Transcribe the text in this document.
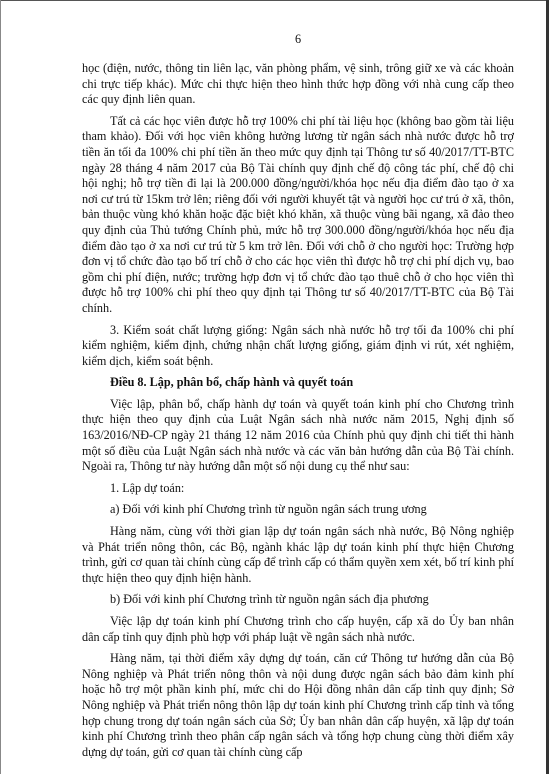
6

học (điện, nước, thông tin liên lạc, văn phòng phẩm, vệ sinh, trông giữ xe và các khoản chi trực tiếp khác). Mức chi thực hiện theo hình thức hợp đồng với nhà cung cấp theo các quy định liên quan.

Tất cả các học viên được hỗ trợ 100% chi phí tài liệu học (không bao gồm tài liệu tham khảo). Đối với học viên không hưởng lương từ ngân sách nhà nước được hỗ trợ tiền ăn tối đa 100% chi phí tiền ăn theo mức quy định tại Thông tư số 40/2017/TT-BTC ngày 28 tháng 4 năm 2017 của Bộ Tài chính quy định chế độ công tác phí, chế độ chi hội nghị; hỗ trợ tiền đi lại là 200.000 đồng/người/khóa học nếu địa điểm đào tạo ở xa nơi cư trú từ 15km trở lên; riêng đối với người khuyết tật và người học cư trú ở xã, thôn, bản thuộc vùng khó khăn hoặc đặc biệt khó khăn, xã thuộc vùng bãi ngang, xã đảo theo quy định của Thủ tướng Chính phủ, mức hỗ trợ 300.000 đồng/người/khóa học nếu địa điểm đào tạo ở xa nơi cư trú từ 5 km trở lên. Đối với chỗ ở cho người học: Trường hợp đơn vị tổ chức đào tạo bố trí chỗ ở cho các học viên thì được hỗ trợ chi phí dịch vụ, bao gồm chi phí điện, nước; trường hợp đơn vị tổ chức đào tạo thuê chỗ ở cho học viên thì được hỗ trợ 100% chi phí theo quy định tại Thông tư số 40/2017/TT-BTC của Bộ Tài chính.

3. Kiểm soát chất lượng giống: Ngân sách nhà nước hỗ trợ tối đa 100% chi phí kiểm nghiệm, kiểm định, chứng nhận chất lượng giống, giám định vi rút, xét nghiệm, kiểm dịch, kiểm soát bệnh.

Điều 8. Lập, phân bổ, chấp hành và quyết toán

Việc lập, phân bổ, chấp hành dự toán và quyết toán kinh phí cho Chương trình thực hiện theo quy định của Luật Ngân sách nhà nước năm 2015, Nghị định số 163/2016/NĐ-CP ngày 21 tháng 12 năm 2016 của Chính phủ quy định chi tiết thi hành một số điều của Luật Ngân sách nhà nước và các văn bản hướng dẫn của Bộ Tài chính. Ngoài ra, Thông tư này hướng dẫn một số nội dung cụ thể như sau:

1. Lập dự toán:

a) Đối với kinh phí Chương trình từ nguồn ngân sách trung ương

Hàng năm, cùng với thời gian lập dự toán ngân sách nhà nước, Bộ Nông nghiệp và Phát triển nông thôn, các Bộ, ngành khác lập dự toán kinh phí thực hiện Chương trình, gửi cơ quan tài chính cùng cấp để trình cấp có thẩm quyền xem xét, bố trí kinh phí thực hiện theo quy định hiện hành.

b) Đối với kinh phí Chương trình từ nguồn ngân sách địa phương

Việc lập dự toán kinh phí Chương trình cho cấp huyện, cấp xã do Ủy ban nhân dân cấp tỉnh quy định phù hợp với pháp luật về ngân sách nhà nước.

Hàng năm, tại thời điểm xây dựng dự toán, căn cứ Thông tư hướng dẫn của Bộ Nông nghiệp và Phát triển nông thôn và nội dung được ngân sách bảo đảm kinh phí hoặc hỗ trợ một phần kinh phí, mức chi do Hội đồng nhân dân cấp tỉnh quy định; Sở Nông nghiệp và Phát triển nông thôn lập dự toán kinh phí Chương trình cấp tỉnh và tổng hợp chung trong dự toán ngân sách của Sở; Ủy ban nhân dân cấp huyện, xã lập dự toán kinh phí Chương trình theo phân cấp ngân sách và tổng hợp chung cùng thời điểm xây dựng dự toán, gửi cơ quan tài chính cùng cấp
